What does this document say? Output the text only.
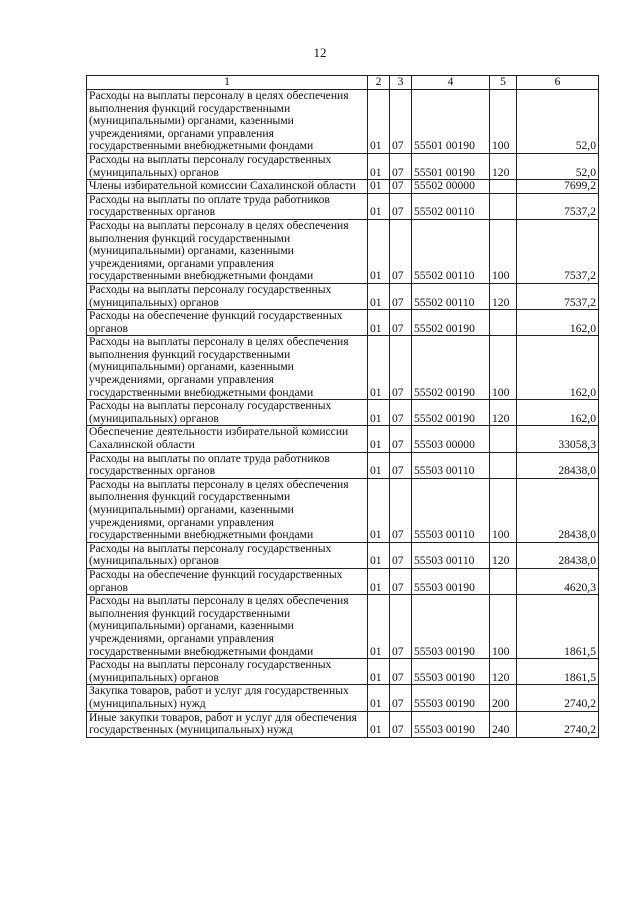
12
1	2	3	4	5	6
Расходы на выплаты персоналу в целях обеспечения выполнения функций государственными (муниципальными) органами, казенными учреждениями, органами управления государственными внебюджетными фондами	01	07	55501 00190	100	52,0
Расходы на выплаты персоналу государственных (муниципальных) органов	01	07	55501 00190	120	52,0
Члены избирательной комиссии Сахалинской области	01	07	55502 00000		7699,2
Расходы на выплаты по оплате труда работников государственных органов	01	07	55502 00110		7537,2
Расходы на выплаты персоналу в целях обеспечения выполнения функций государственными (муниципальными) органами, казенными учреждениями, органами управления государственными внебюджетными фондами	01	07	55502 00110	100	7537,2
Расходы на выплаты персоналу государственных (муниципальных) органов	01	07	55502 00110	120	7537,2
Расходы на обеспечение функций государственных органов	01	07	55502 00190		162,0
Расходы на выплаты персоналу в целях обеспечения выполнения функций государственными (муниципальными) органами, казенными учреждениями, органами управления государственными внебюджетными фондами	01	07	55502 00190	100	162,0
Расходы на выплаты персоналу государственных (муниципальных) органов	01	07	55502 00190	120	162,0
Обеспечение деятельности избирательной комиссии Сахалинской области	01	07	55503 00000		33058,3
Расходы на выплаты по оплате труда работников государственных органов	01	07	55503 00110		28438,0
Расходы на выплаты персоналу в целях обеспечения выполнения функций государственными (муниципальными) органами, казенными учреждениями, органами управления государственными внебюджетными фондами	01	07	55503 00110	100	28438,0
Расходы на выплаты персоналу государственных (муниципальных) органов	01	07	55503 00110	120	28438,0
Расходы на обеспечение функций государственных органов	01	07	55503 00190		4620,3
Расходы на выплаты персоналу в целях обеспечения выполнения функций государственными (муниципальными) органами, казенными учреждениями, органами управления государственными внебюджетными фондами	01	07	55503 00190	100	1861,5
Расходы на выплаты персоналу государственных (муниципальных) органов	01	07	55503 00190	120	1861,5
Закупка товаров, работ и услуг для государственных (муниципальных) нужд	01	07	55503 00190	200	2740,2
Иные закупки товаров, работ и услуг для обеспечения государственных (муниципальных) нужд	01	07	55503 00190	240	2740,2
